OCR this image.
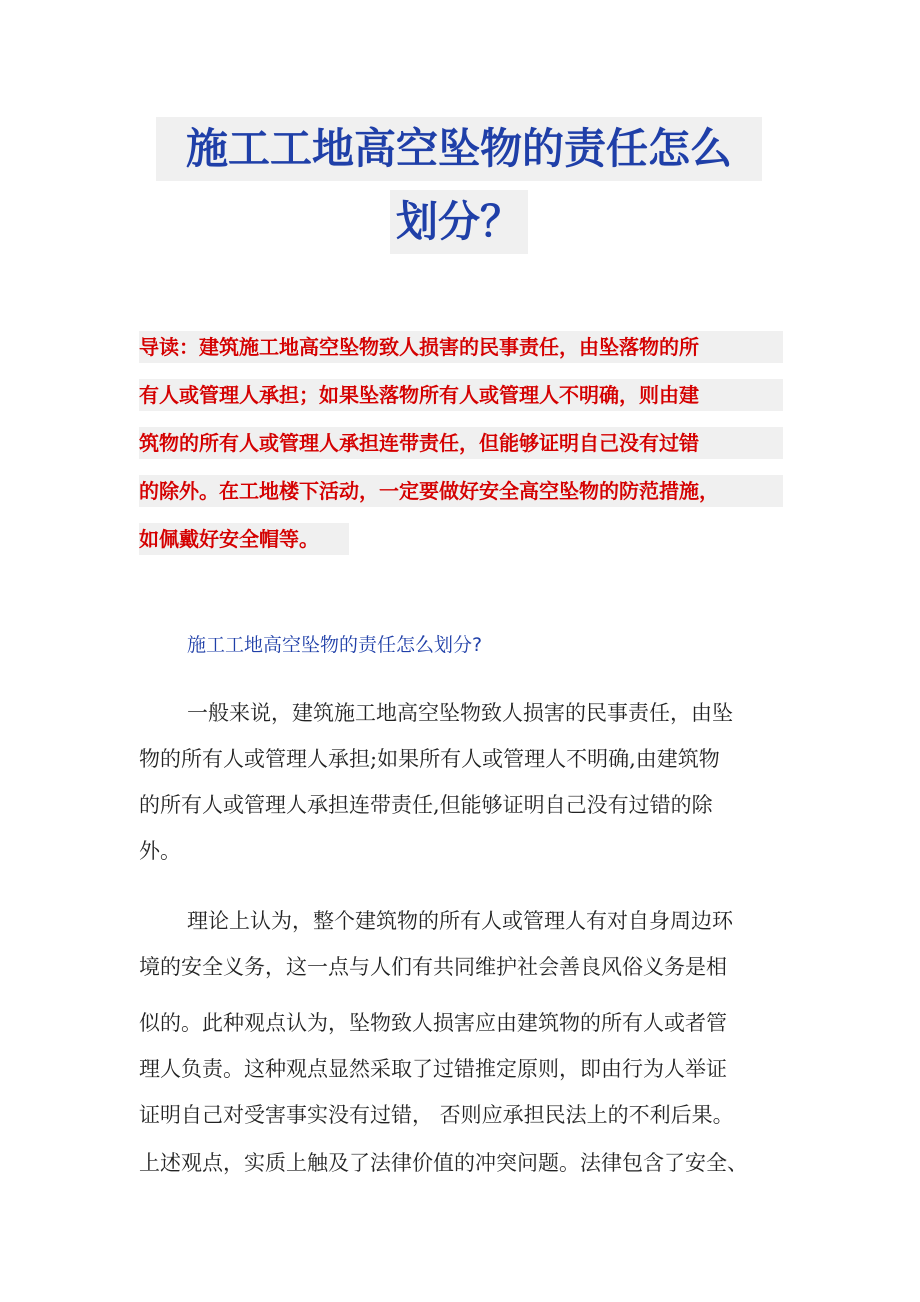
施工工地高空坠物的责任怎么
划分？
导读：建筑施工地高空坠物致人损害的民事责任，由坠落物的所
有人或管理人承担；如果坠落物所有人或管理人不明确，则由建
筑物的所有人或管理人承担连带责任，但能够证明自己没有过错
的除外。在工地楼下活动，一定要做好安全高空坠物的防范措施，
如佩戴好安全帽等。
施工工地高空坠物的责任怎么划分?
一般来说，建筑施工地高空坠物致人损害的民事责任，由坠
物的所有人或管理人承担;如果所有人或管理人不明确,由建筑物
的所有人或管理人承担连带责任,但能够证明自己没有过错的除
外。
理论上认为，整个建筑物的所有人或管理人有对自身周边环
境的安全义务，这一点与人们有共同维护社会善良风俗义务是相
似的。此种观点认为，坠物致人损害应由建筑物的所有人或者管
理人负责。这种观点显然采取了过错推定原则，即由行为人举证
证明自己对受害事实没有过错， 否则应承担民法上的不利后果。
上述观点，实质上触及了法律价值的冲突问题。法律包含了安全、
